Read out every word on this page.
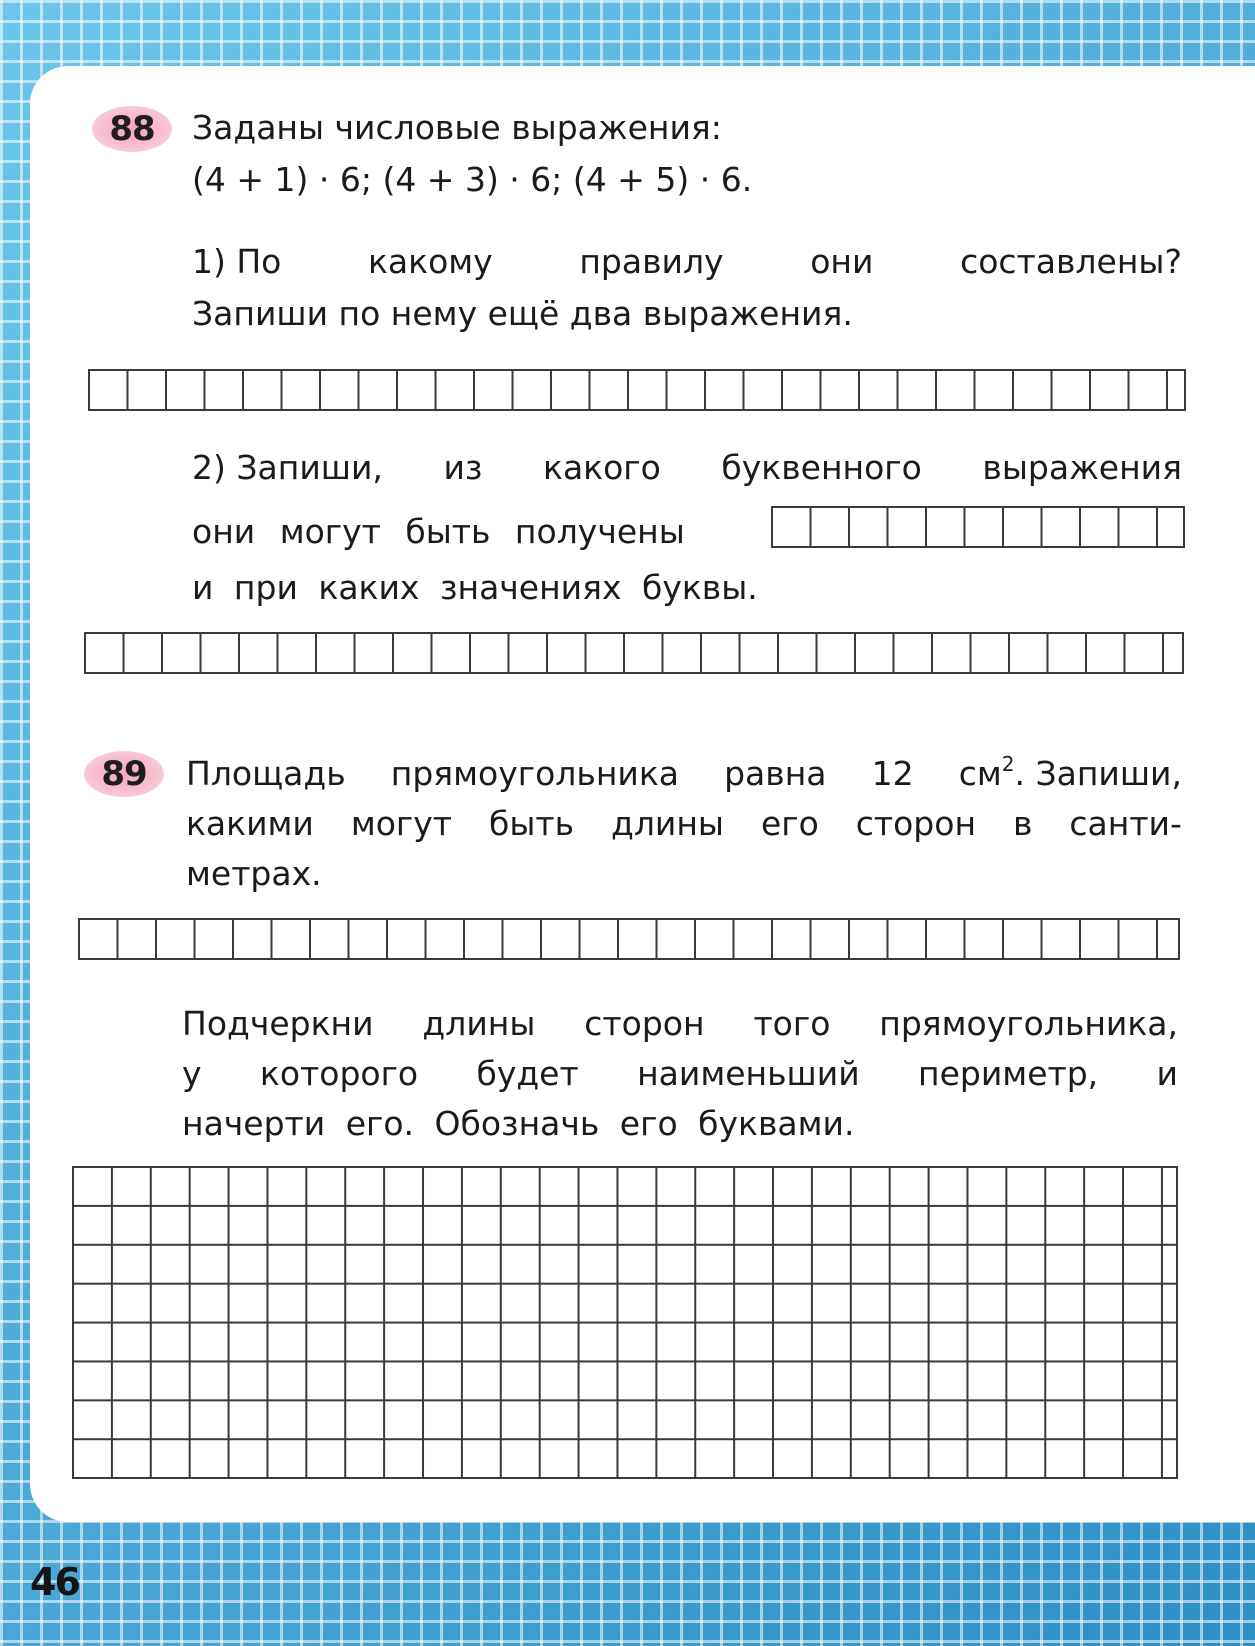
88 Заданы числовые выражения:
(4 + 1) · 6; (4 + 3) · 6; (4 + 5) · 6.
1) По	какому	правилу	они	составлены?
Запиши по нему ещё два выражения.
2) Запиши, из какого буквенного выражения
они могут быть получены
и при каких значениях буквы.
89 Площадь прямоугольника равна 12 $см^2$. Запиши,
какими могут быть длины его сторон в санти-
метрах.
Подчеркни длины сторон того прямоугольника,
у которого будет наименьший периметр, и
начерти его. Обозначь его буквами.
46
